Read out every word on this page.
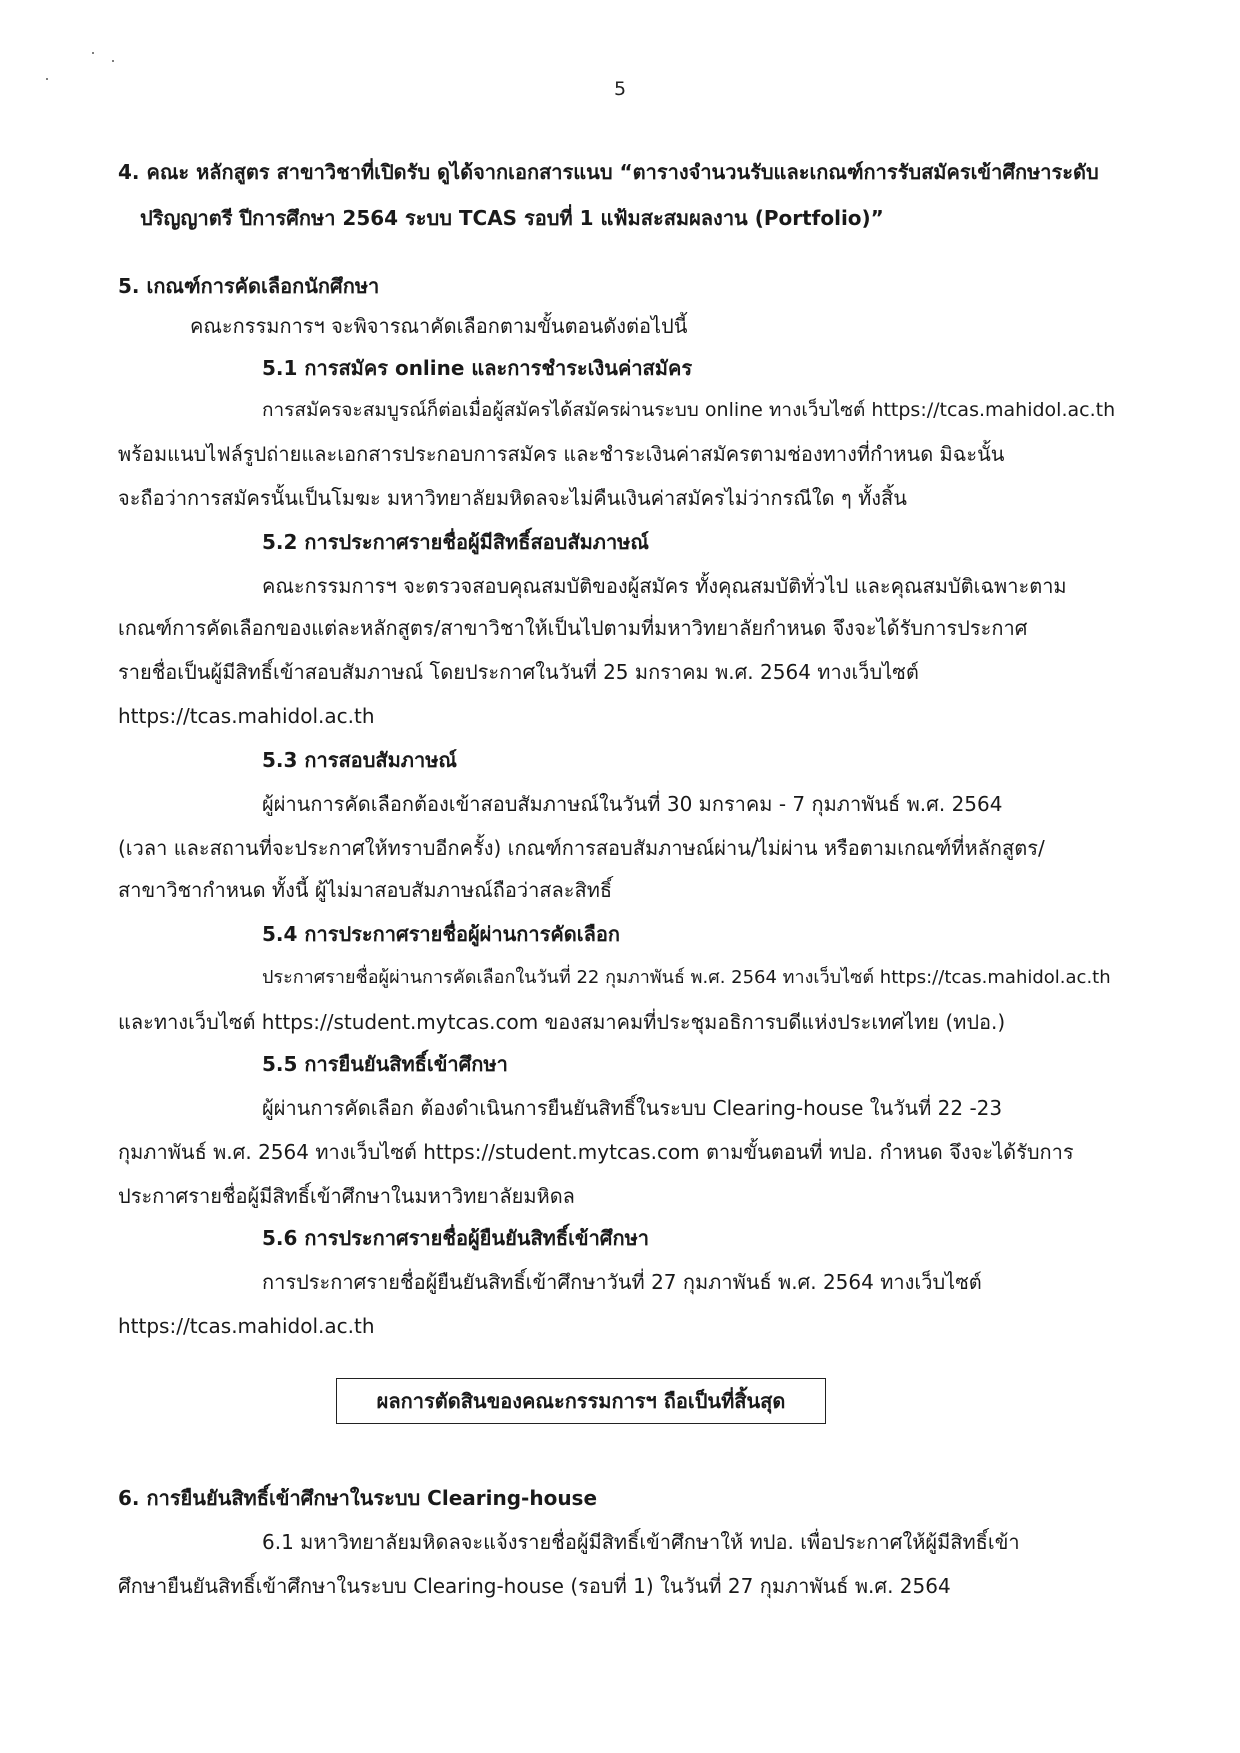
5
4. คณะ หลักสูตร สาขาวิชาที่เปิดรับ ดูได้จากเอกสารแนบ “ตารางจำนวนรับและเกณฑ์การรับสมัครเข้าศึกษาระดับ
ปริญญาตรี ปีการศึกษา 2564 ระบบ TCAS รอบที่ 1 แฟ้มสะสมผลงาน (Portfolio)”
5. เกณฑ์การคัดเลือกนักศึกษา
คณะกรรมการฯ จะพิจารณาคัดเลือกตามขั้นตอนดังต่อไปนี้
5.1 การสมัคร online และการชำระเงินค่าสมัคร
การสมัครจะสมบูรณ์ก็ต่อเมื่อผู้สมัครได้สมัครผ่านระบบ online ทางเว็บไซต์ https://tcas.mahidol.ac.th
พร้อมแนบไฟล์รูปถ่ายและเอกสารประกอบการสมัคร และชำระเงินค่าสมัครตามช่องทางที่กำหนด มิฉะนั้น
จะถือว่าการสมัครนั้นเป็นโมฆะ มหาวิทยาลัยมหิดลจะไม่คืนเงินค่าสมัครไม่ว่ากรณีใด ๆ ทั้งสิ้น
5.2 การประกาศรายชื่อผู้มีสิทธิ์สอบสัมภาษณ์
คณะกรรมการฯ จะตรวจสอบคุณสมบัติของผู้สมัคร ทั้งคุณสมบัติทั่วไป และคุณสมบัติเฉพาะตาม
เกณฑ์การคัดเลือกของแต่ละหลักสูตร/สาขาวิชาให้เป็นไปตามที่มหาวิทยาลัยกำหนด จึงจะได้รับการประกาศ
รายชื่อเป็นผู้มีสิทธิ์เข้าสอบสัมภาษณ์ โดยประกาศในวันที่ 25 มกราคม พ.ศ. 2564 ทางเว็บไซต์
https://tcas.mahidol.ac.th
5.3 การสอบสัมภาษณ์
ผู้ผ่านการคัดเลือกต้องเข้าสอบสัมภาษณ์ในวันที่ 30 มกราคม - 7 กุมภาพันธ์ พ.ศ. 2564
(เวลา และสถานที่จะประกาศให้ทราบอีกครั้ง) เกณฑ์การสอบสัมภาษณ์ผ่าน/ไม่ผ่าน หรือตามเกณฑ์ที่หลักสูตร/
สาขาวิชากำหนด ทั้งนี้ ผู้ไม่มาสอบสัมภาษณ์ถือว่าสละสิทธิ์
5.4 การประกาศรายชื่อผู้ผ่านการคัดเลือก
ประกาศรายชื่อผู้ผ่านการคัดเลือกในวันที่ 22 กุมภาพันธ์ พ.ศ. 2564 ทางเว็บไซต์ https://tcas.mahidol.ac.th
และทางเว็บไซต์ https://student.mytcas.com ของสมาคมที่ประชุมอธิการบดีแห่งประเทศไทย (ทปอ.)
5.5 การยืนยันสิทธิ์เข้าศึกษา
ผู้ผ่านการคัดเลือก ต้องดำเนินการยืนยันสิทธิ์ในระบบ Clearing-house ในวันที่ 22 -23
กุมภาพันธ์ พ.ศ. 2564 ทางเว็บไซต์ https://student.mytcas.com ตามขั้นตอนที่ ทปอ. กำหนด จึงจะได้รับการ
ประกาศรายชื่อผู้มีสิทธิ์เข้าศึกษาในมหาวิทยาลัยมหิดล
5.6 การประกาศรายชื่อผู้ยืนยันสิทธิ์เข้าศึกษา
การประกาศรายชื่อผู้ยืนยันสิทธิ์เข้าศึกษาวันที่ 27 กุมภาพันธ์ พ.ศ. 2564 ทางเว็บไซต์
https://tcas.mahidol.ac.th
ผลการตัดสินของคณะกรรมการฯ ถือเป็นที่สิ้นสุด
6. การยืนยันสิทธิ์เข้าศึกษาในระบบ Clearing-house
6.1 มหาวิทยาลัยมหิดลจะแจ้งรายชื่อผู้มีสิทธิ์เข้าศึกษาให้ ทปอ. เพื่อประกาศให้ผู้มีสิทธิ์เข้า
ศึกษายืนยันสิทธิ์เข้าศึกษาในระบบ Clearing-house (รอบที่ 1) ในวันที่ 27 กุมภาพันธ์ พ.ศ. 2564
